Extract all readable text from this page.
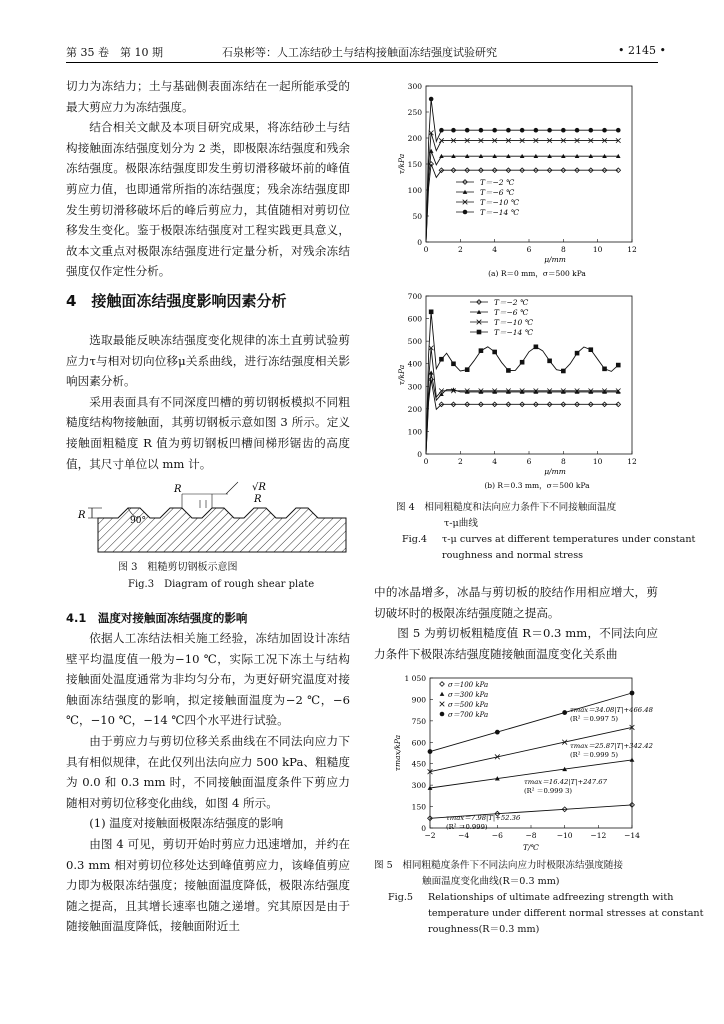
第 35 卷　第 10 期	石泉彬等：人工冻结砂土与结构接触面冻结强度试验研究	• 2145 •

切力为冻结力；土与基础侧表面冻结在一起所能承受的最大剪应力为冻结强度。

结合相关文献及本项目研究成果，将冻结砂土与结构接触面冻结强度划分为 2 类，即极限冻结强度和残余冻结强度。极限冻结强度即发生剪切滑移破坏前的峰值剪应力值，也即通常所指的冻结强度；残余冻结强度即发生剪切滑移破坏后的峰后剪应力，其值随相对剪切位移发生变化。鉴于极限冻结强度对工程实践更具意义，故本文重点对极限冻结强度进行定量分析，对残余冻结强度仅作定性分析。

4　接触面冻结强度影响因素分析

选取最能反映冻结强度变化规律的冻土直剪试验剪应力τ与相对切向位移μ关系曲线，进行冻结强度相关影响因素分析。

采用表面具有不同深度凹槽的剪切钢板模拟不同粗糙度结构物接触面，其剪切钢板示意如图 3 所示。定义接触面粗糙度 R 值为剪切钢板凹槽间梯形锯齿的高度值，其尺寸单位以 mm 计。

R	90°
R	√R
R
图 3　粗糙剪切钢板示意图
Fig.3　Diagram of rough shear plate
4.1　温度对接触面冻结强度的影响

依据人工冻结法相关施工经验，冻结加固设计冻结壁平均温度值一般为−10 ℃，实际工况下冻土与结构接触面处温度通常为非均匀分布，为更好研究温度对接触面冻结强度的影响，拟定接触面温度为−2 ℃，−6 ℃，−10 ℃，−14 ℃四个水平进行试验。

由于剪应力与剪切位移关系曲线在不同法向应力下具有相似规律，在此仅列出法向应力 500 kPa、粗糙度为 0.0 和 0.3 mm 时，不同接触面温度条件下剪应力随相对剪切位移变化曲线，如图 4 所示。

(1) 温度对接触面极限冻结强度的影响

由图 4 可见，剪切开始时剪应力迅速增加，并约在 0.3 mm 相对剪切位移处达到峰值剪应力，该峰值剪应力即为极限冻结强度；接触面温度降低，极限冻结强度随之提高，且其增长速率也随之递增。究其原因是由于随接触面温度降低，接触面附近土

0
50
100
150
200
250
300
0	2	4	6	8	10	12
τ/kPa
μ/mm
(a) R＝0 mm，σ＝500 kPa
T＝−2 ℃
T＝−6 ℃
T＝−10 ℃
T＝−14 ℃
0
100
200
300
400
500
600
700
0	2	4	6	8	10	12
τ/kPa
μ/mm
(b) R＝0.3 mm，σ＝500 kPa
T＝−2 ℃
T＝−6 ℃
T＝−10 ℃
T＝−14 ℃
图 4　相同粗糙度和法向应力条件下不同接触面温度
τ-μ曲线
Fig.4	τ-μ curves at different temperatures under constant
roughness and normal stress

中的冰晶增多，冰晶与剪切板的胶结作用相应增大，剪切破坏时的极限冻结强度随之提高。

图 5 为剪切板粗糙度值 R＝0.3 mm，不同法向应力条件下极限冻结强度随接触面温度变化关系曲

0
150
300
450
600
750
900
1 050
−2	−4	−6	−8	−10 −12 −14
τmax/kPa
T/℃
τmax＝7.98|T|+52.36
(R² ＝0.999)
σ＝100 kPa
τmax＝16.42|T|+247.67
(R² ＝0.999 3)
σ＝300 kPa
τmax＝25.87|T|+342.42
(R² ＝0.999 5)
σ＝500 kPa
τmax＝34.08|T|+466.48
(R² ＝0.997 5)
σ＝700 kPa
图 5　相同粗糙度条件下不同法向应力时极限冻结强度随接
触面温度变化曲线(R＝0.3 mm)
Fig.5	Relationships of ultimate adfreezing strength with
temperature under different normal stresses at constant
roughness(R＝0.3 mm)
